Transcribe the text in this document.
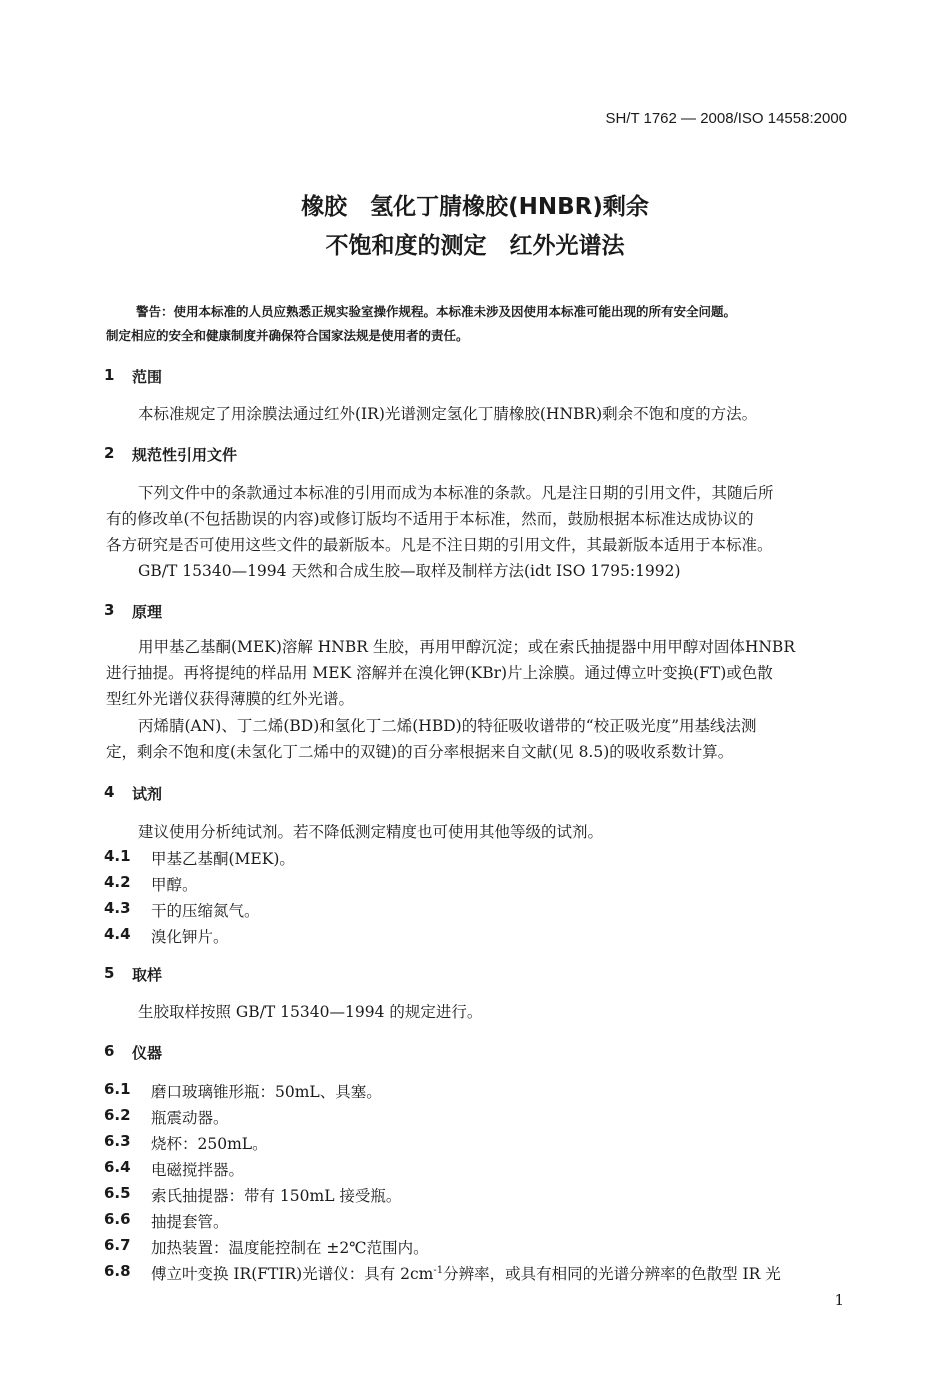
SH/T 1762 — 2008/ISO 14558:2000
橡胶　氢化丁腈橡胶(HNBR)剩余
不饱和度的测定　红外光谱法
警告：使用本标准的人员应熟悉正规实验室操作规程。本标准未涉及因使用本标准可能出现的所有安全问题。
制定相应的安全和健康制度并确保符合国家法规是使用者的责任。
1 范围
本标准规定了用涂膜法通过红外(IR)光谱测定氢化丁腈橡胶(HNBR)剩余不饱和度的方法。
2 规范性引用文件
下列文件中的条款通过本标准的引用而成为本标准的条款。凡是注日期的引用文件，其随后所
有的修改单(不包括勘误的内容)或修订版均不适用于本标准，然而，鼓励根据本标准达成协议的
各方研究是否可使用这些文件的最新版本。凡是不注日期的引用文件，其最新版本适用于本标准。
GB/T 15340—1994 天然和合成生胶—取样及制样方法(idt ISO 1795:1992)
3 原理
用甲基乙基酮(MEK)溶解 HNBR 生胶，再用甲醇沉淀；或在索氏抽提器中用甲醇对固体HNBR
进行抽提。再将提纯的样品用 MEK 溶解并在溴化钾(KBr)片上涂膜。通过傅立叶变换(FT)或色散
型红外光谱仪获得薄膜的红外光谱。
丙烯腈(AN)、丁二烯(BD)和氢化丁二烯(HBD)的特征吸收谱带的“校正吸光度”用基线法测
定，剩余不饱和度(未氢化丁二烯中的双键)的百分率根据来自文献(见 8.5)的吸收系数计算。
4 试剂
建议使用分析纯试剂。若不降低测定精度也可使用其他等级的试剂。
4.1 甲基乙基酮(MEK)。
4.2 甲醇。
4.3 干的压缩氮气。
4.4 溴化钾片。
5 取样
生胶取样按照 GB/T 15340—1994 的规定进行。
6 仪器
6.1 磨口玻璃锥形瓶：50mL、具塞。
6.2 瓶震动器。
6.3 烧杯：250mL。
6.4 电磁搅拌器。
6.5 索氏抽提器：带有 150mL 接受瓶。
6.6 抽提套管。
6.7 加热装置：温度能控制在 ±2℃范围内。
6.8 傅立叶变换 IR(FTIR)光谱仪：具有 $2cm^{-1}$分辨率，或具有相同的光谱分辨率的色散型 IR 光
1
